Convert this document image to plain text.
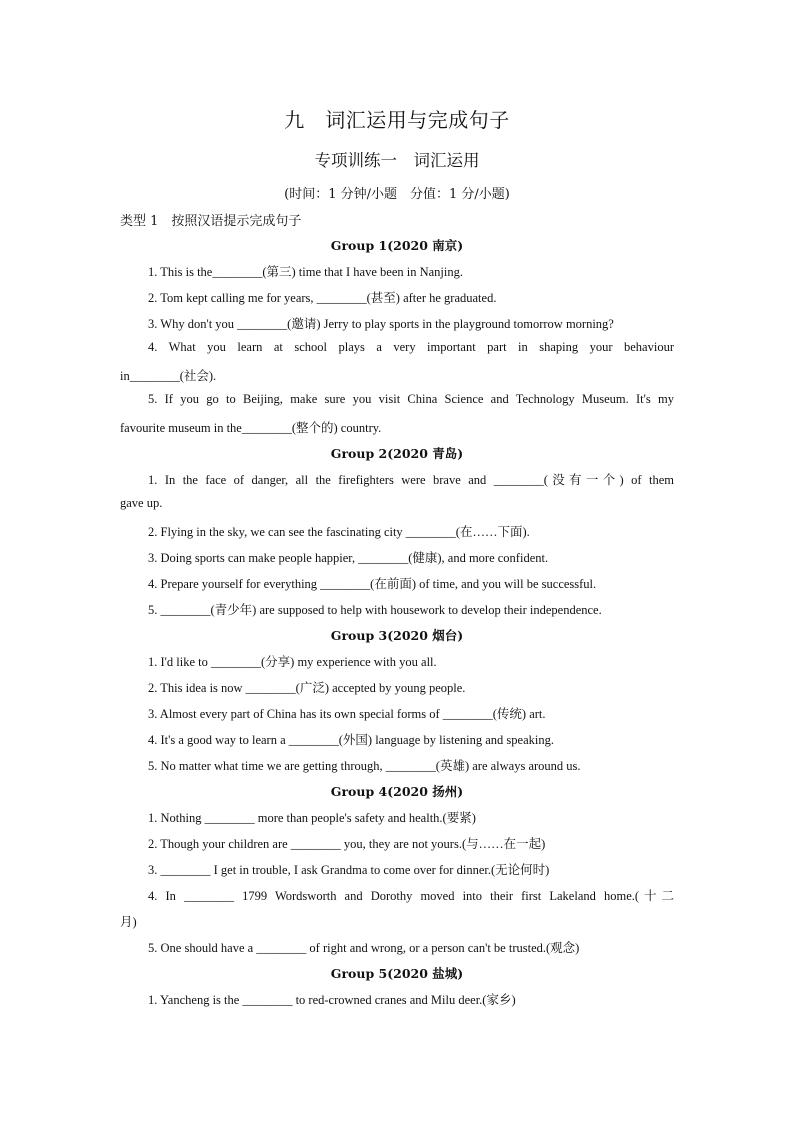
九　词汇运用与完成句子
专项训练一　词汇运用
(时间：1 分钟/小题　分值：1 分/小题)
类型 1　按照汉语提示完成句子
Group 1(2020 南京)
1. This is the________(第三) time that I have been in Nanjing.
2. Tom kept calling me for years, ________(甚至) after he graduated.
3. Why don't you ________(邀请) Jerry to play sports in the playground tomorrow morning?
4. What you learn at school plays a very important part in shaping your behaviour
in________(社会).
5. If you go to Beijing, make sure you visit China Science and Technology Museum. It's my
favourite museum in the________(整个的) country.
Group 2(2020 青岛)
1. In the face of danger, all the firefighters were brave and ________(没有一个) of them
gave up.
2. Flying in the sky, we can see the fascinating city ________(在……下面).
3. Doing sports can make people happier, ________(健康), and more confident.
4. Prepare yourself for everything ________(在前面) of time, and you will be successful.
5. ________(青少年) are supposed to help with housework to develop their independence.
Group 3(2020 烟台)
1. I'd like to ________(分享) my experience with you all.
2. This idea is now ________(广泛) accepted by young people.
3. Almost every part of China has its own special forms of ________(传统) art.
4. It's a good way to learn a ________(外国) language by listening and speaking.
5. No matter what time we are getting through, ________(英雄) are always around us.
Group 4(2020 扬州)
1. Nothing ________ more than people's safety and health.(要紧)
2. Though your children are ________ you, they are not yours.(与……在一起)
3. ________ I get in trouble, I ask Grandma to come over for dinner.(无论何时)
4. In ________ 1799 Wordsworth and Dorothy moved into their first Lakeland home.(十二
月)
5. One should have a ________ of right and wrong, or a person can't be trusted.(观念)
Group 5(2020 盐城)
1. Yancheng is the ________ to red-crowned cranes and Milu deer.(家乡)
